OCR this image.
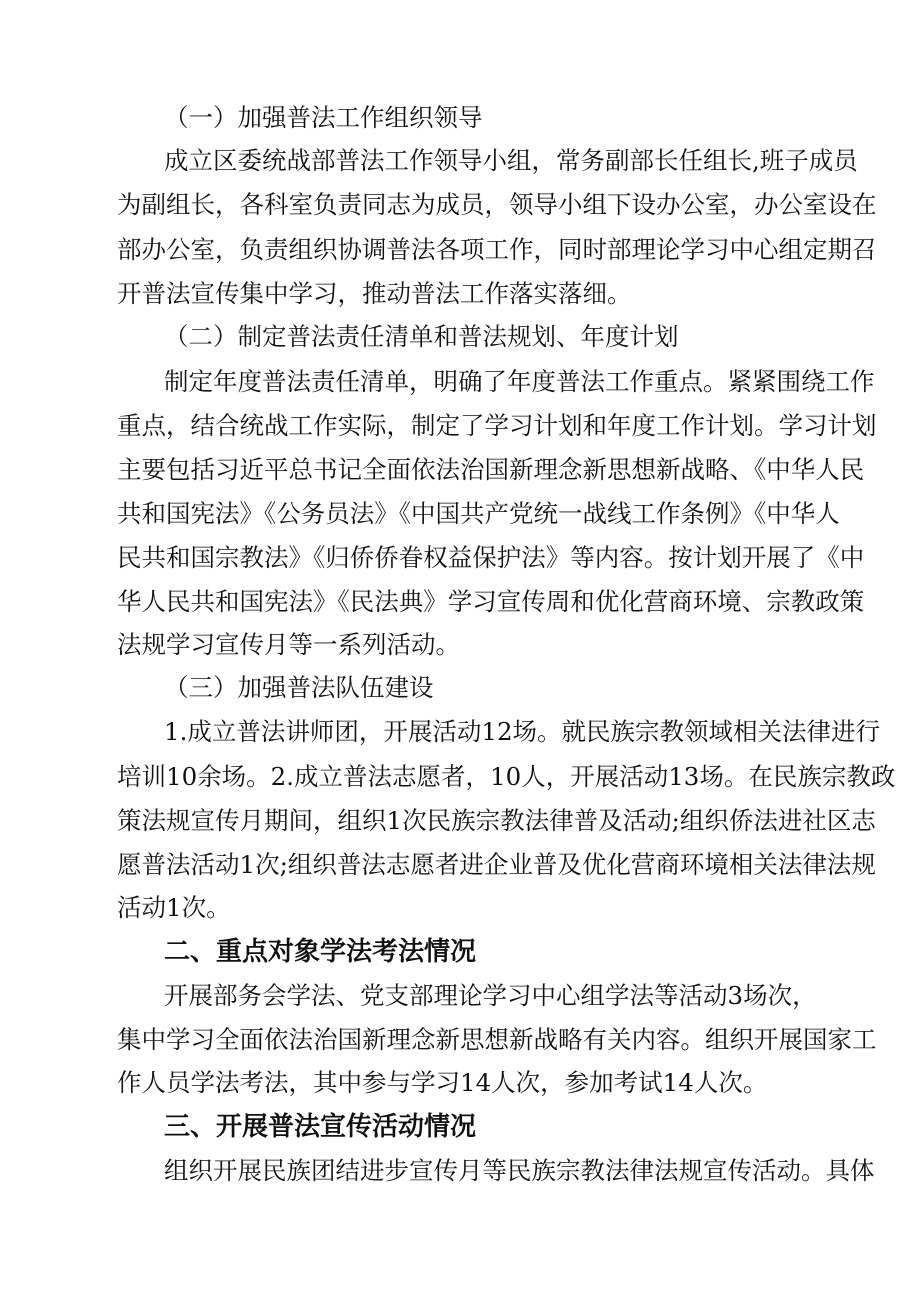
（一）加强普法工作组织领导
成立区委统战部普法工作领导小组，常务副部长任组长,班子成员
为副组长，各科室负责同志为成员，领导小组下设办公室，办公室设在
部办公室，负责组织协调普法各项工作，同时部理论学习中心组定期召
开普法宣传集中学习，推动普法工作落实落细。
（二）制定普法责任清单和普法规划、年度计划
制定年度普法责任清单，明确了年度普法工作重点。紧紧围绕工作
重点，结合统战工作实际，制定了学习计划和年度工作计划。学习计划
主要包括习近平总书记全面依法治国新理念新思想新战略、《中华人民
共和国宪法》《公务员法》《中国共产党统一战线工作条例》《中华人
民共和国宗教法》《归侨侨眷权益保护法》等内容。按计划开展了《中
华人民共和国宪法》《民法典》学习宣传周和优化营商环境、宗教政策
法规学习宣传月等一系列活动。
（三）加强普法队伍建设
1.成立普法讲师团，开展活动12场。就民族宗教领域相关法律进行
培训10余场。2.成立普法志愿者，10人，开展活动13场。在民族宗教政
策法规宣传月期间，组织1次民族宗教法律普及活动;组织侨法进社区志
愿普法活动1次;组织普法志愿者进企业普及优化营商环境相关法律法规
活动1次。
二、重点对象学法考法情况
开展部务会学法、党支部理论学习中心组学法等活动3场次，
集中学习全面依法治国新理念新思想新战略有关内容。组织开展国家工
作人员学法考法，其中参与学习14人次，参加考试14人次。
三、开展普法宣传活动情况
组织开展民族团结进步宣传月等民族宗教法律法规宣传活动。具体
